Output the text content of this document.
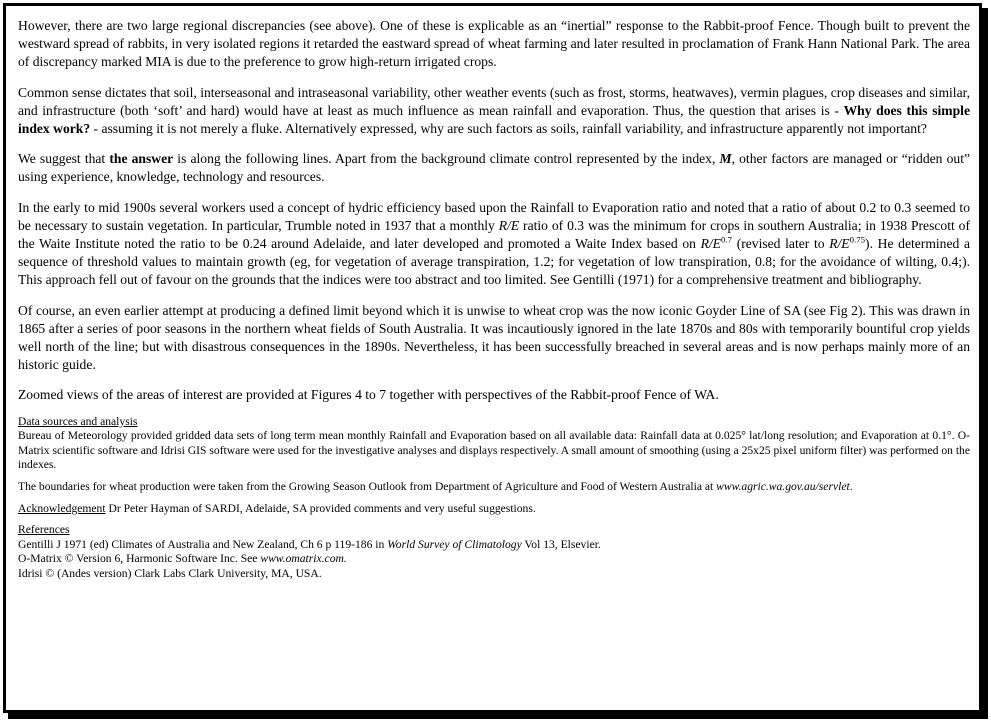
However, there are two large regional discrepancies (see above). One of these is explicable as an “inertial” response to the Rabbit-proof Fence. Though built to prevent the westward spread of rabbits, in very isolated regions it retarded the eastward spread of wheat farming and later resulted in proclamation of Frank Hann National Park. The area of discrepancy marked MIA is due to the preference to grow high-return irrigated crops.

Common sense dictates that soil, interseasonal and intraseasonal variability, other weather events (such as frost, storms, heatwaves), vermin plagues, crop diseases and similar, and infrastructure (both ‘soft’ and hard) would have at least as much influence as mean rainfall and evaporation. Thus, the question that arises is - Why does this simple index work? - assuming it is not merely a fluke. Alternatively expressed, why are such factors as soils, rainfall variability, and infrastructure apparently not important?

We suggest that the answer is along the following lines. Apart from the background climate control represented by the index, M, other factors are managed or “ridden out” using experience, knowledge, technology and resources.

In the early to mid 1900s several workers used a concept of hydric efficiency based upon the Rainfall to Evaporation ratio and noted that a ratio of about 0.2 to 0.3 seemed to be necessary to sustain vegetation. In particular, Trumble noted in 1937 that a monthly R/E ratio of 0.3 was the minimum for crops in southern Australia; in 1938 Prescott of the Waite Institute noted the ratio to be 0.24 around Adelaide, and later developed and promoted a Waite Index based on $R/E^{0.7}$ (revised later to $R/E^{0.75}$). He determined a sequence of threshold values to maintain growth (eg, for vegetation of average transpiration, 1.2; for vegetation of low transpiration, 0.8; for the avoidance of wilting, 0.4;). This approach fell out of favour on the grounds that the indices were too abstract and too limited. See Gentilli (1971) for a comprehensive treatment and bibliography.

Of course, an even earlier attempt at producing a defined limit beyond which it is unwise to wheat crop was the now iconic Goyder Line of SA (see Fig 2). This was drawn in 1865 after a series of poor seasons in the northern wheat fields of South Australia. It was incautiously ignored in the late 1870s and 80s with temporarily bountiful crop yields well north of the line; but with disastrous consequences in the 1890s. Nevertheless, it has been successfully breached in several areas and is now perhaps mainly more of an historic guide.

Zoomed views of the areas of interest are provided at Figures 4 to 7 together with perspectives of the Rabbit-proof Fence of WA.

Data sources and analysis
Bureau of Meteorology provided gridded data sets of long term mean monthly Rainfall and Evaporation based on all available data: Rainfall data at 0.025° lat/long resolution; and Evaporation at 0.1°. O-Matrix scientific software and Idrisi GIS software were used for the investigative analyses and displays respectively. A small amount of smoothing (using a 25x25 pixel uniform filter) was performed on the indexes.

The boundaries for wheat production were taken from the Growing Season Outlook from Department of Agriculture and Food of Western Australia at www.agric.wa.gov.au/servlet.

Acknowledgement Dr Peter Hayman of SARDI, Adelaide, SA provided comments and very useful suggestions.

References
Gentilli J 1971 (ed) Climates of Australia and New Zealand, Ch 6 p 119-186 in World Survey of Climatology Vol 13, Elsevier.
O-Matrix © Version 6, Harmonic Software Inc. See www.omatrix.com.
Idrisi © (Andes version) Clark Labs Clark University, MA, USA.
